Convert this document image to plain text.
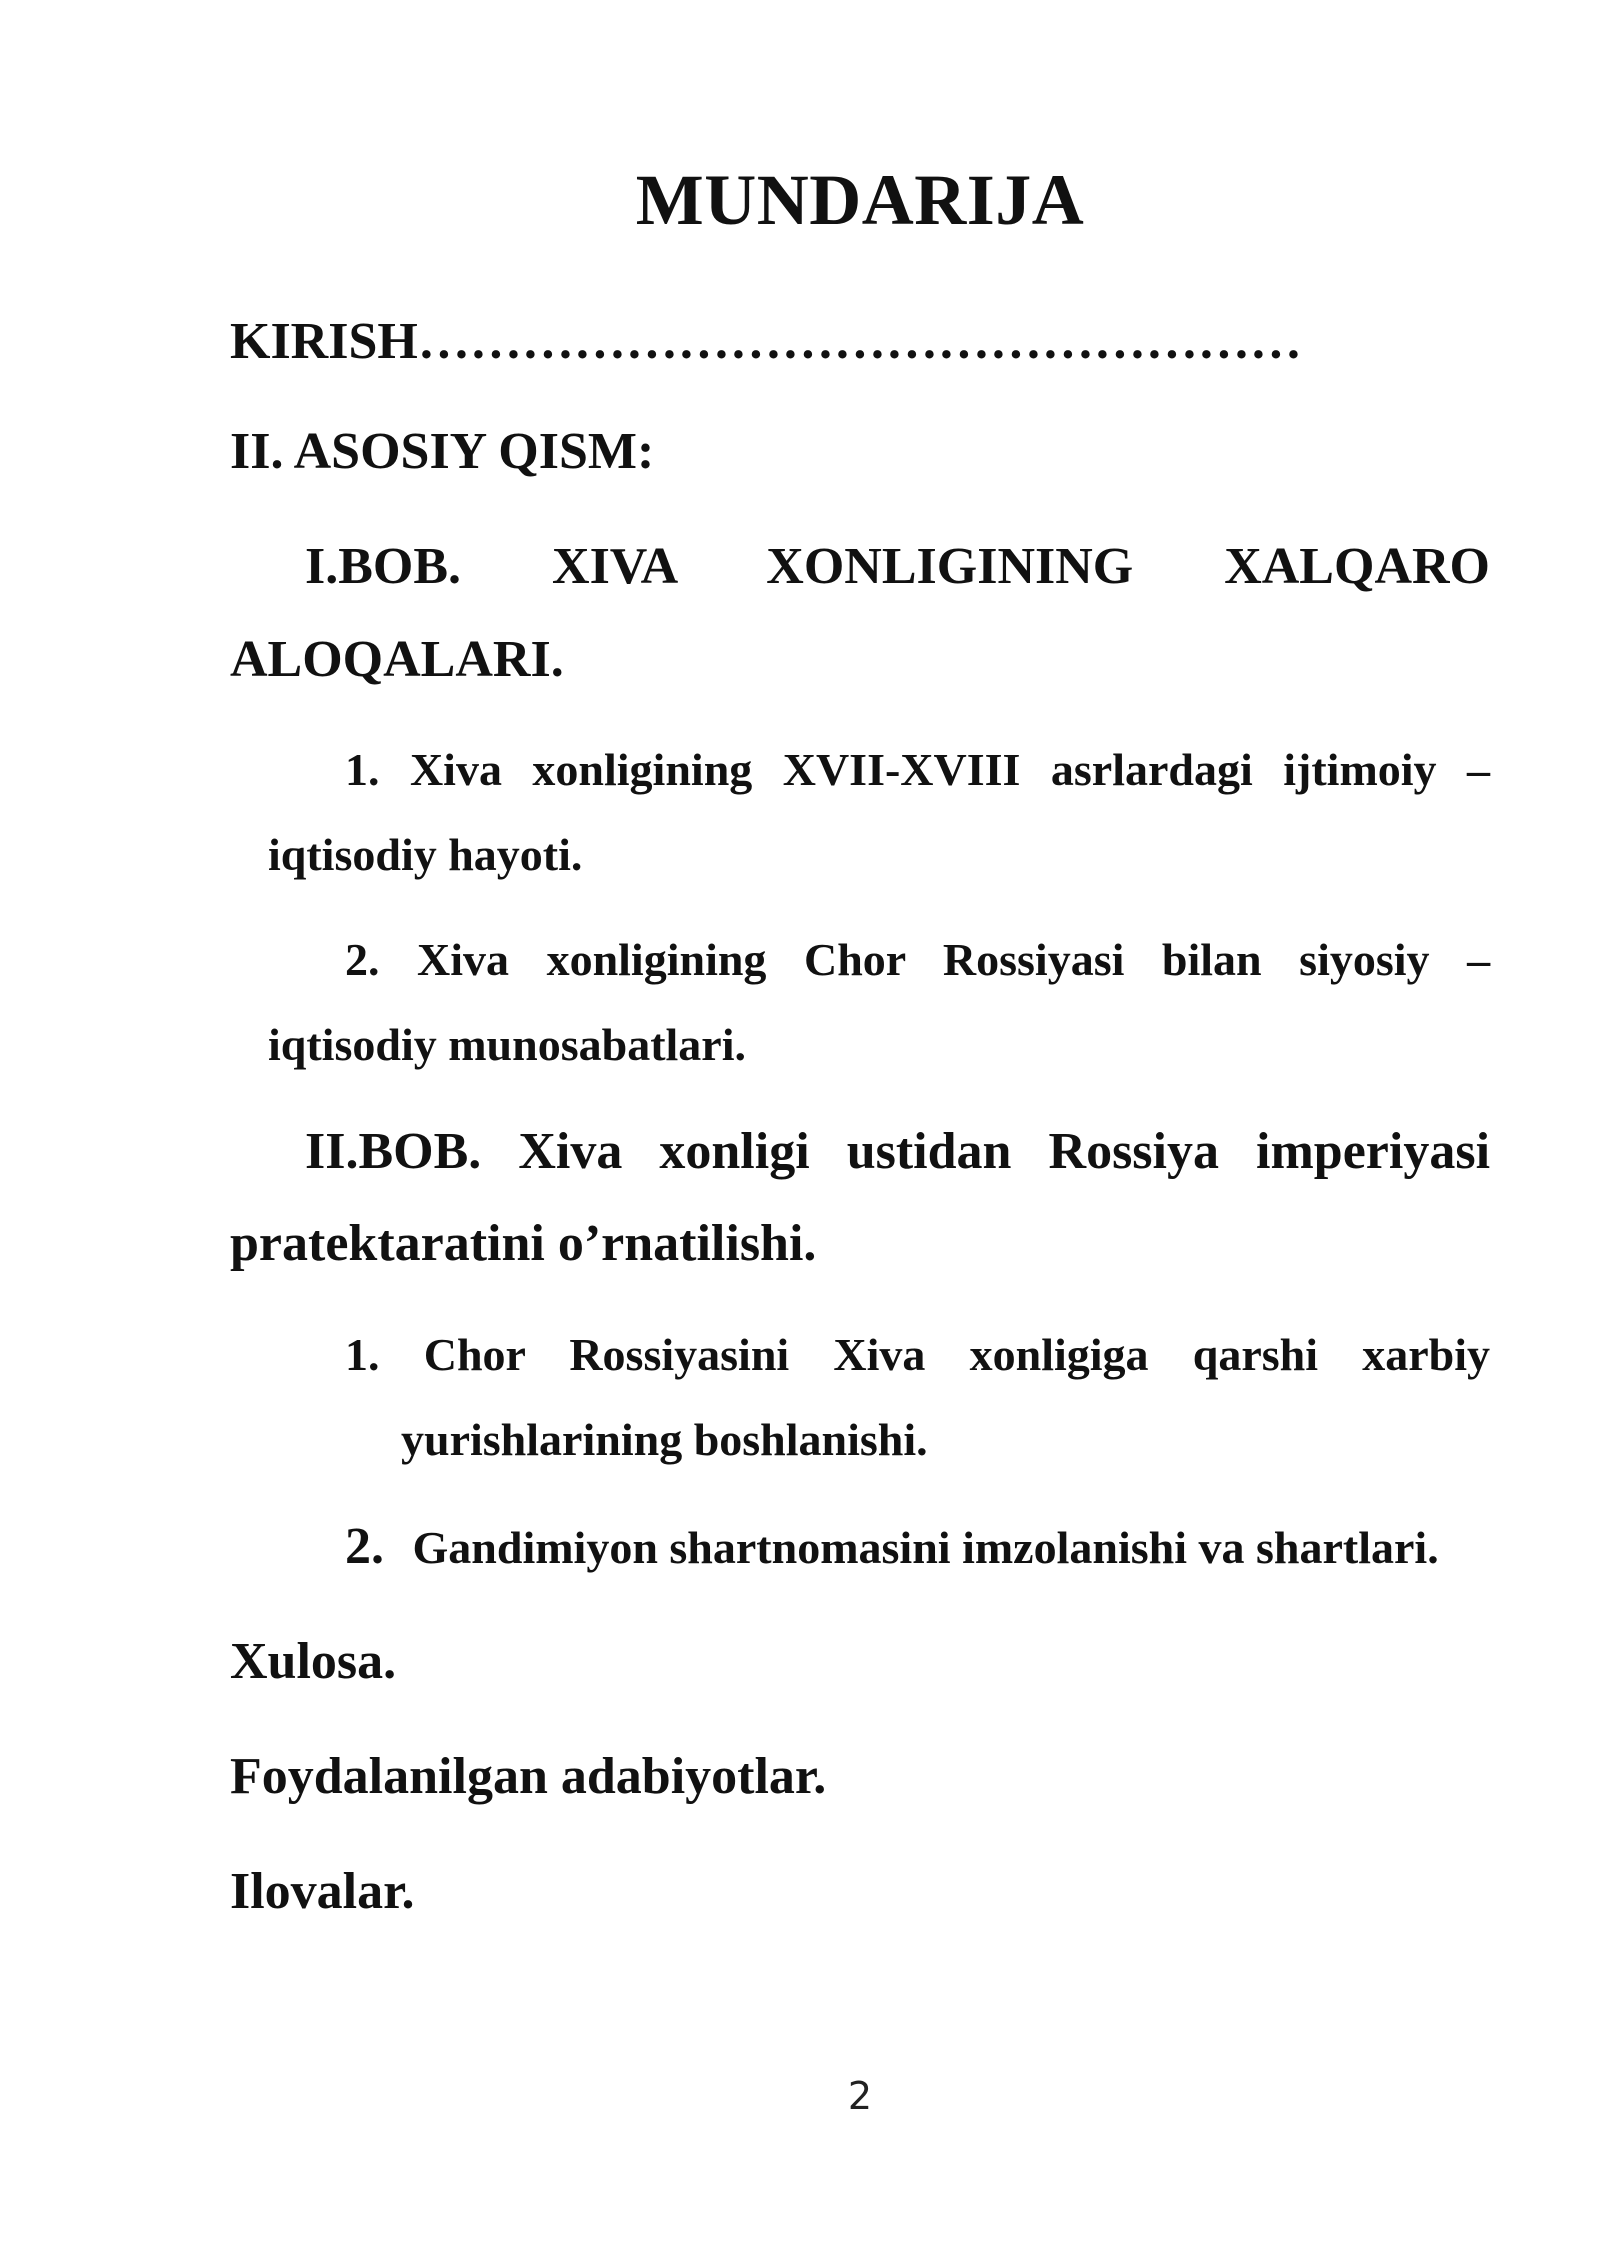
MUNDARIJA
KIRISH……………………………………………
II. ASOSIY QISM:
I.BOB. XIVA XONLIGINING XALQARO
ALOQALARI.
1. Xiva xonligining XVII-XVIII asrlardagi ijtimoiy –
iqtisodiy hayoti.
2. Xiva xonligining Chor Rossiyasi bilan siyosiy –
iqtisodiy munosabatlari.
II.BOB. Xiva xonligi ustidan Rossiya imperiyasi
pratektaratini o’rnatilishi.
1. Chor Rossiyasini Xiva xonligiga qarshi xarbiy
yurishlarining boshlanishi.
2. Gandimiyon shartnomasini imzolanishi va shartlari.
Xulosa.
Foydalanilgan adabiyotlar.
Ilovalar.
2
